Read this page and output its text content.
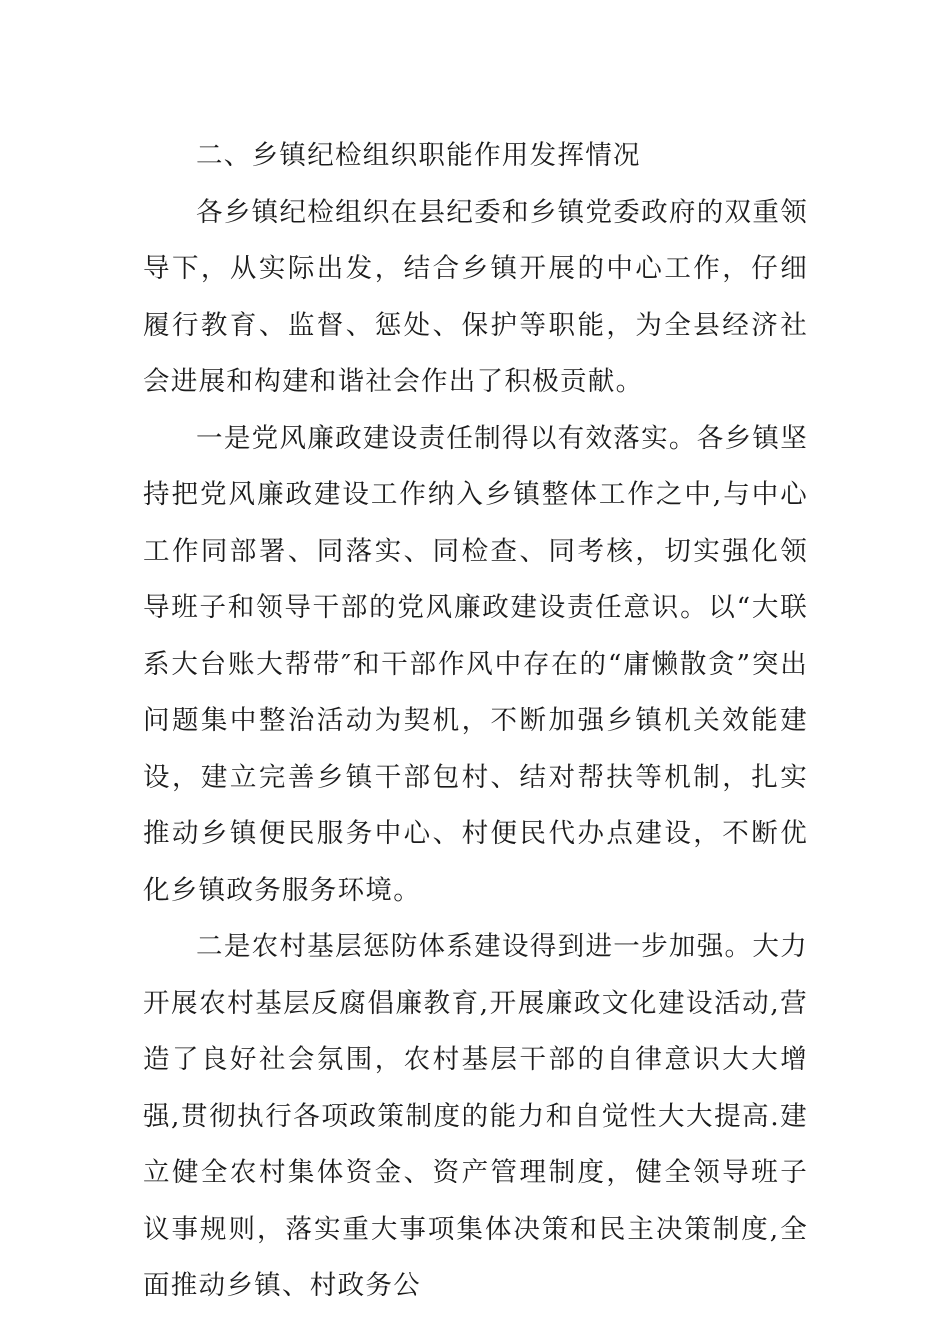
二、乡镇纪检组织职能作用发挥情况

各乡镇纪检组织在县纪委和乡镇党委政府的双重领导下，从实际出发，结合乡镇开展的中心工作，仔细履行教育、监督、惩处、保护等职能，为全县经济社会进展和构建和谐社会作出了积极贡献。

一是党风廉政建设责任制得以有效落实。各乡镇坚持把党风廉政建设工作纳入乡镇整体工作之中,与中心工作同部署、同落实、同检查、同考核，切实强化领导班子和领导干部的党风廉政建设责任意识。以“大联系大台账大帮带″和干部作风中存在的“庸懒散贪”突出问题集中整治活动为契机，不断加强乡镇机关效能建设，建立完善乡镇干部包村、结对帮扶等机制，扎实推动乡镇便民服务中心、村便民代办点建设，不断优化乡镇政务服务环境。

二是农村基层惩防体系建设得到进一步加强。大力开展农村基层反腐倡廉教育,开展廉政文化建设活动,营造了良好社会氛围，农村基层干部的自律意识大大增强,贯彻执行各项政策制度的能力和自觉性大大提高.建立健全农村集体资金、资产管理制度，健全领导班子议事规则，落实重大事项集体决策和民主决策制度,全面推动乡镇、村政务公
